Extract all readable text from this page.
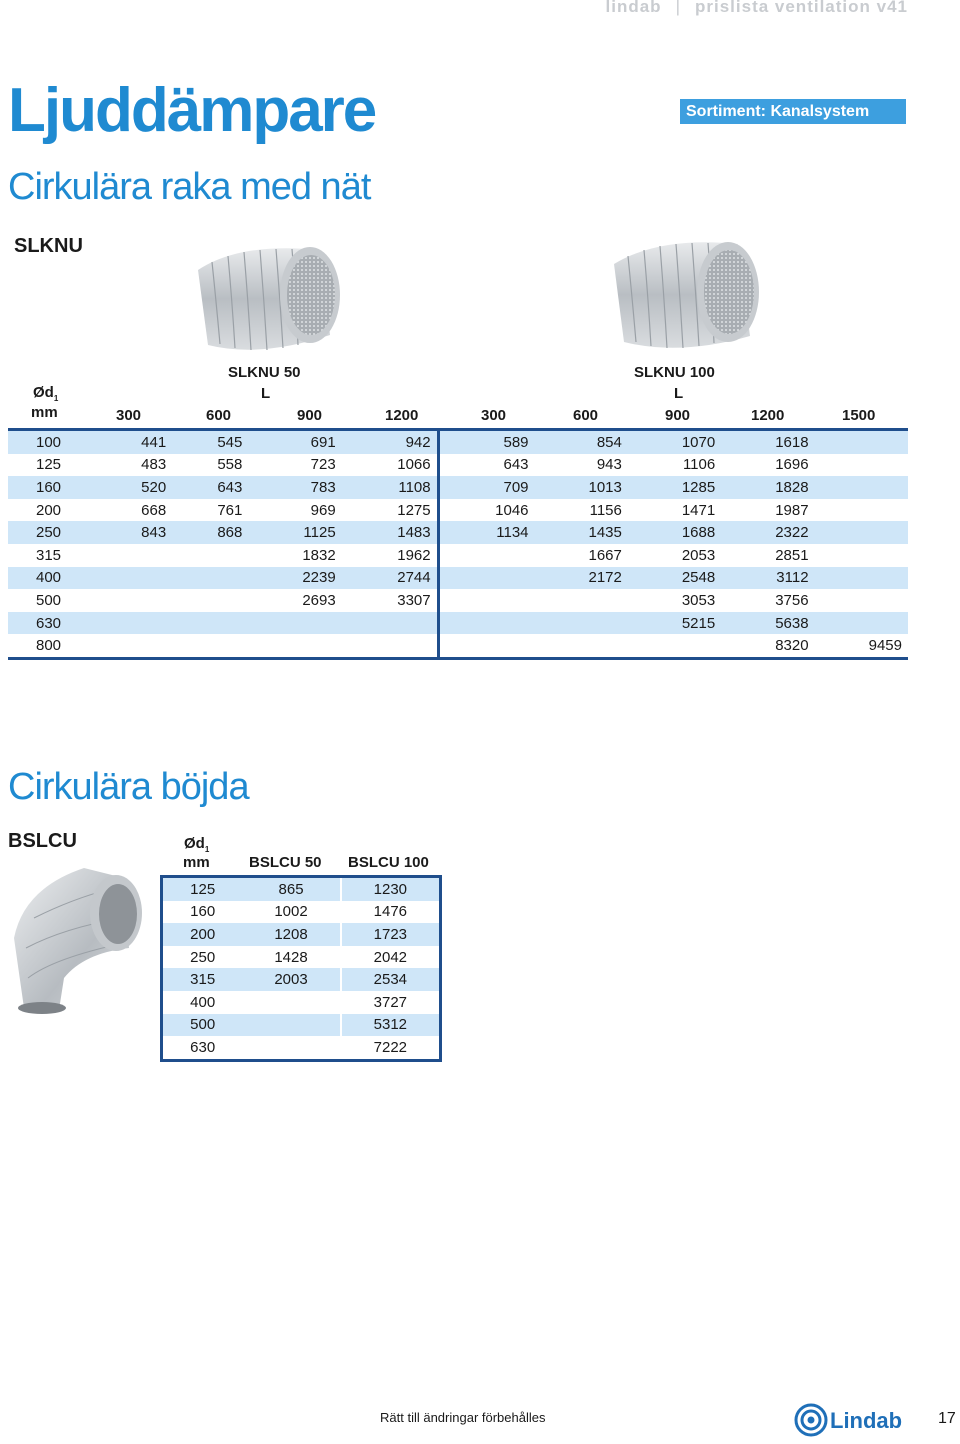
lindab | prislista ventilation v41
Ljuddämpare	Sortiment: Kanalsystem
Cirkulära raka med nät
SLKNU
SLKNU 50
L
SLKNU 100
L
$Ød_1$
mm	300	600	900	1200	300	600	900	1200	1500
100	441	545	691	942	589	854	1070	1618	
125	483	558	723	1066	643	943	1106	1696	
160	520	643	783	1108	709	1013	1285	1828	
200	668	761	969	1275	1046	1156	1471	1987	
250	843	868	1125	1483	1134	1435	1688	2322	
315			1832	1962		1667	2053	2851	
400			2239	2744		2172	2548	3112	
500			2693	3307			3053	3756	
630							5215	5638	
800								8320	9459
Cirkulära böjda
BSLCU	$Ød_1$
mm	BSLCU 50 BSLCU 100
125	865	1230
160	1002	1476
200	1208	1723
250	1428	2042
315	2003	2534
400		3727
500		5312
630		7222
Rätt till ändringar förbehålles	Lindab 17
